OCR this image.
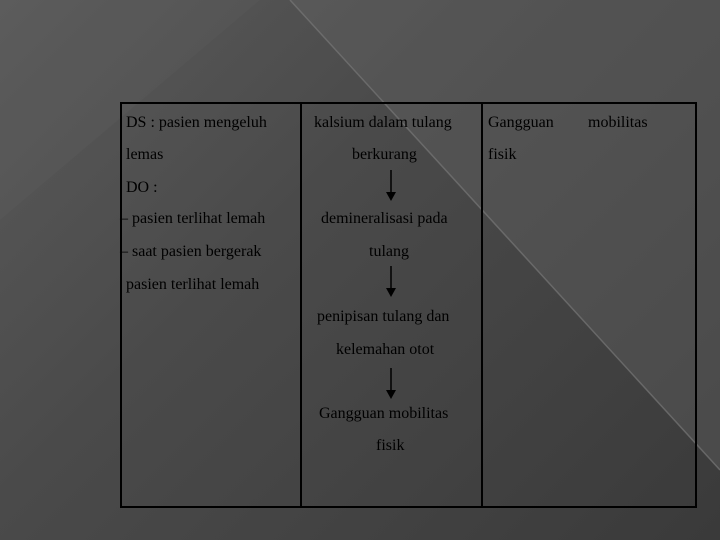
DS : pasien mengeluh
lemas
DO :
– pasien terlihat lemah
– saat pasien bergerak
pasien terlihat lemah
kalsium dalam tulang
berkurang
demineralisasi pada
tulang
penipisan tulang dan
kelemahan otot
Gangguan mobilitas
fisik
Gangguan mobilitas
fisik
